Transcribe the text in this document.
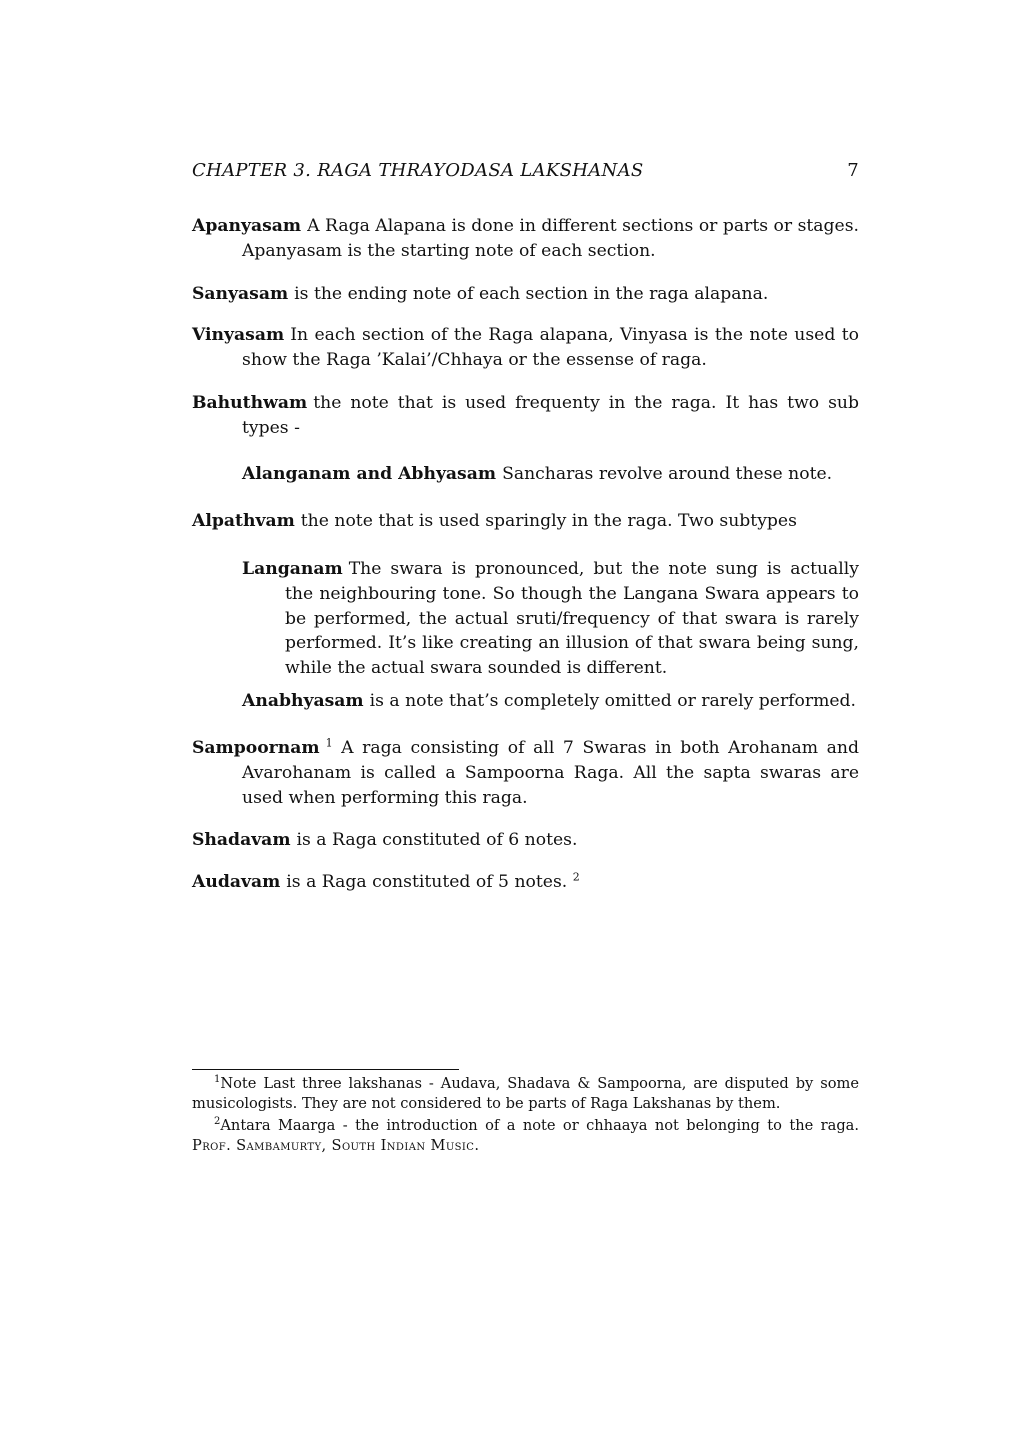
CHAPTER 3. RAGA THRAYODASA LAKSHANAS	7
Apanyasam A Raga Alapana is done in different sections or parts or stages. Apanyasam is the starting note of each section.
Sanyasam is the ending note of each section in the raga alapana.
Vinyasam In each section of the Raga alapana, Vinyasa is the note used to show the Raga ’Kalai’/Chhaya or the essense of raga.
Bahuthwam the note that is used frequenty in the raga. It has two sub types -
Alanganam and Abhyasam Sancharas revolve around these note.
Alpathvam the note that is used sparingly in the raga. Two subtypes
Langanam The swara is pronounced, but the note sung is actually the neighbouring tone. So though the Langana Swara appears to be performed, the actual sruti/frequency of that swara is rarely performed. It’s like creating an illusion of that swara being sung, while the actual swara sounded is different.
Anabhyasam is a note that’s completely omitted or rarely performed.
Sampoornam $^1$ A raga consisting of all 7 Swaras in both Arohanam and Avarohanam is called a Sampoorna Raga. All the sapta swaras are used when performing this raga.
Shadavam is a Raga constituted of 6 notes.
Audavam is a Raga constituted of 5 notes. $^2$

$^1$Note Last three lakshanas - Audava, Shadava & Sampoorna, are disputed by some musicologists. They are not considered to be parts of Raga Lakshanas by them.

$^2$Antara Maarga - the introduction of a note or chhaaya not belonging to the raga. Prof. Sambamurty, South Indian Music.
